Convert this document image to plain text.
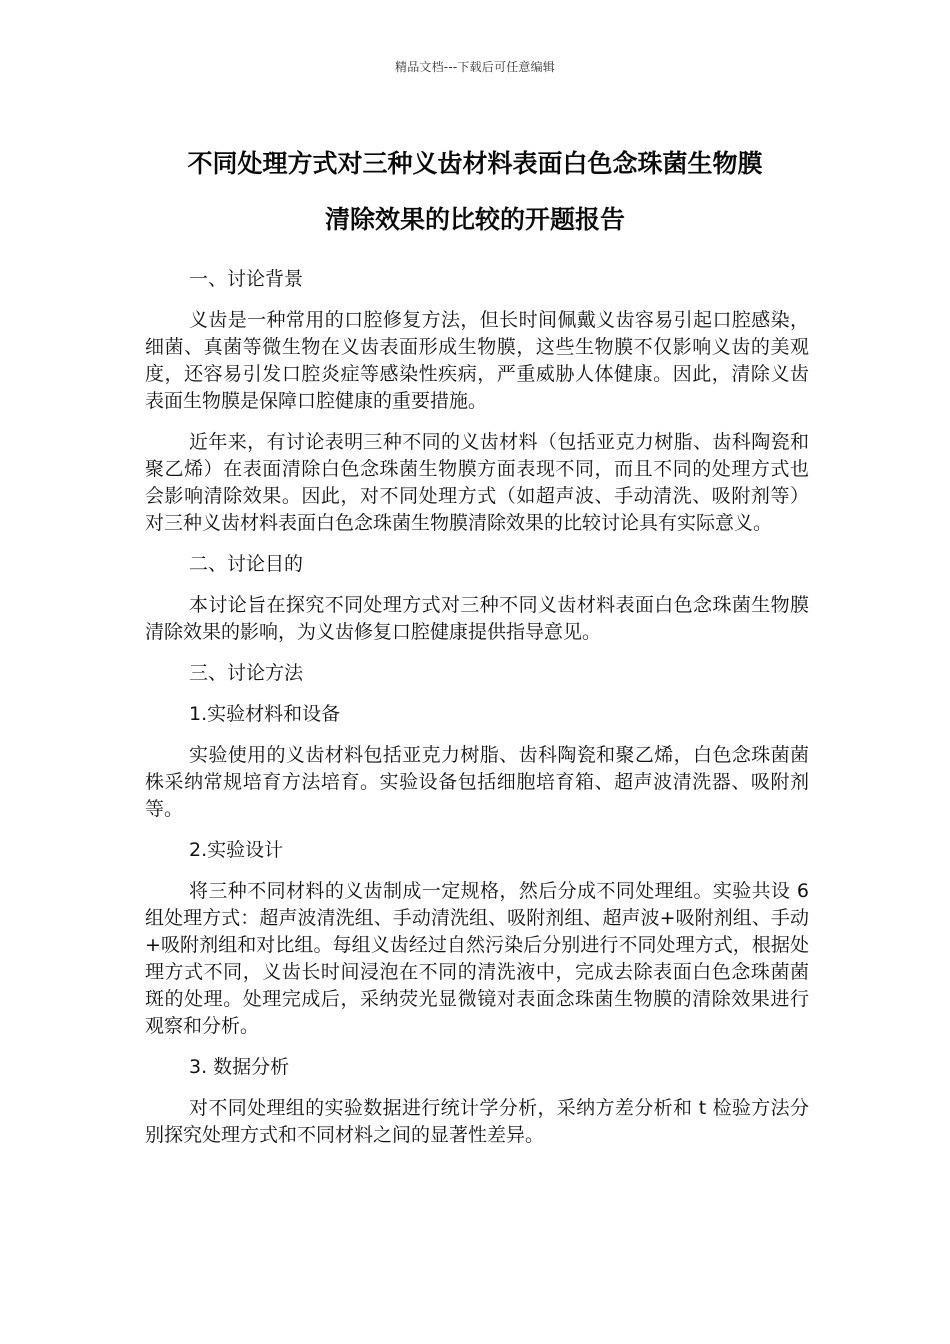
精品文档---下载后可任意编辑
不同处理方式对三种义齿材料表面白色念珠菌生物膜
清除效果的比较的开题报告

一、讨论背景

义齿是一种常用的口腔修复方法，但长时间佩戴义齿容易引起口腔感染，细菌、真菌等微生物在义齿表面形成生物膜，这些生物膜不仅影响义齿的美观度，还容易引发口腔炎症等感染性疾病，严重威胁人体健康。因此，清除义齿表面生物膜是保障口腔健康的重要措施。

近年来，有讨论表明三种不同的义齿材料（包括亚克力树脂、齿科陶瓷和聚乙烯）在表面清除白色念珠菌生物膜方面表现不同，而且不同的处理方式也会影响清除效果。因此，对不同处理方式（如超声波、手动清洗、吸附剂等）对三种义齿材料表面白色念珠菌生物膜清除效果的比较讨论具有实际意义。

二、讨论目的

本讨论旨在探究不同处理方式对三种不同义齿材料表面白色念珠菌生物膜清除效果的影响，为义齿修复口腔健康提供指导意见。

三、讨论方法

1.实验材料和设备

实验使用的义齿材料包括亚克力树脂、齿科陶瓷和聚乙烯，白色念珠菌菌株采纳常规培育方法培育。实验设备包括细胞培育箱、超声波清洗器、吸附剂等。

2.实验设计

将三种不同材料的义齿制成一定规格，然后分成不同处理组。实验共设 6 组处理方式：超声波清洗组、手动清洗组、吸附剂组、超声波+吸附剂组、手动+吸附剂组和对比组。每组义齿经过自然污染后分别进行不同处理方式，根据处理方式不同，义齿长时间浸泡在不同的清洗液中，完成去除表面白色念珠菌菌斑的处理。处理完成后，采纳荧光显微镜对表面念珠菌生物膜的清除效果进行观察和分析。

3. 数据分析

对不同处理组的实验数据进行统计学分析，采纳方差分析和 t 检验方法分别探究处理方式和不同材料之间的显著性差异。
